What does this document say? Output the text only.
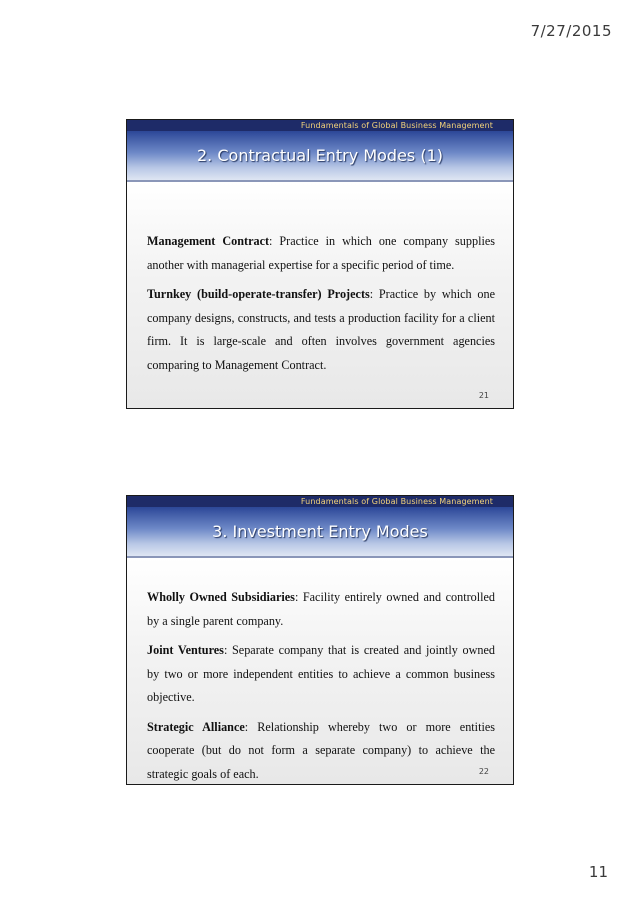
7/27/2015
Fundamentals of Global Business Management
2. Contractual Entry Modes (1)

Management Contract: Practice in which one company supplies another with managerial expertise for a specific period of time.

Turnkey (build-operate-transfer) Projects: Practice by which one company designs, constructs, and tests a production facility for a client firm. It is large-scale and often involves government agencies comparing to Management Contract.

21
Fundamentals of Global Business Management
3. Investment Entry Modes

Wholly Owned Subsidiaries: Facility entirely owned and controlled by a single parent company.

Joint Ventures: Separate company that is created and jointly owned by two or more independent entities to achieve a common business objective.

Strategic Alliance: Relationship whereby two or more entities cooperate (but do not form a separate company) to achieve the strategic goals of each.	22
11
